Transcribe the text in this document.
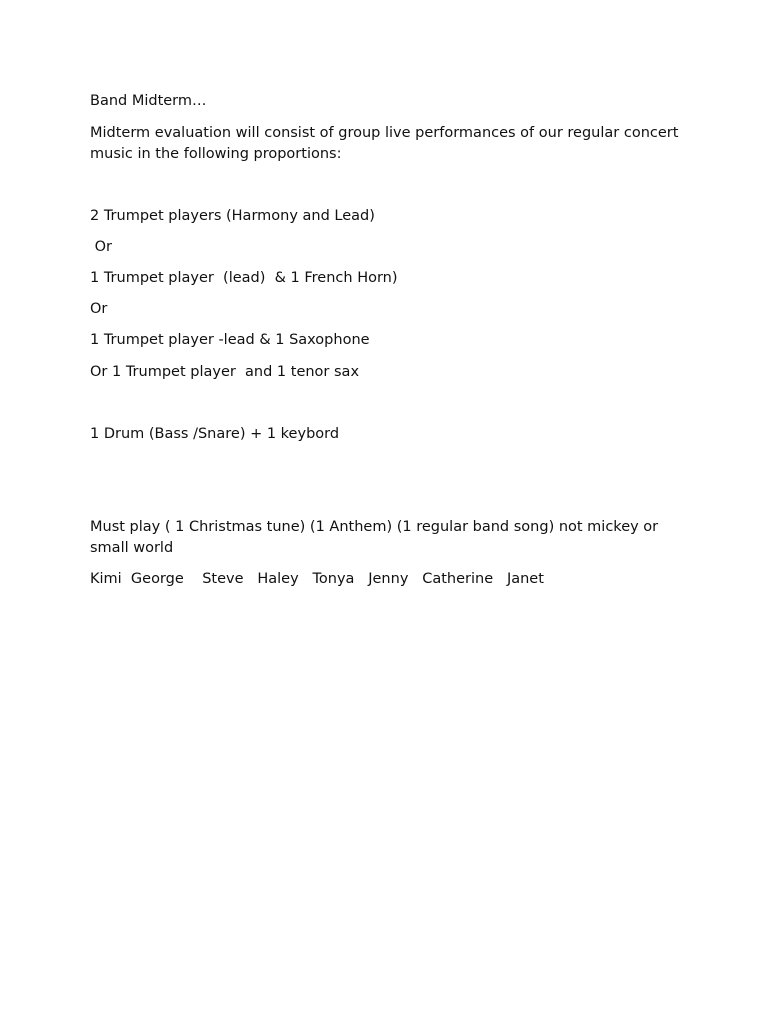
Band Midterm…

Midterm evaluation will consist of group live performances of our regular concert music in the following proportions:

2 Trumpet players (Harmony and Lead)

Or

1 Trumpet player  (lead)  & 1 French Horn)

Or

1 Trumpet player -lead & 1 Saxophone

Or 1 Trumpet player  and 1 tenor sax

1 Drum (Bass /Snare) + 1 keybord

Must play ( 1 Christmas tune) (1 Anthem) (1 regular band song) not mickey or small world

Kimi  George    Steve   Haley   Tonya   Jenny   Catherine   Janet
